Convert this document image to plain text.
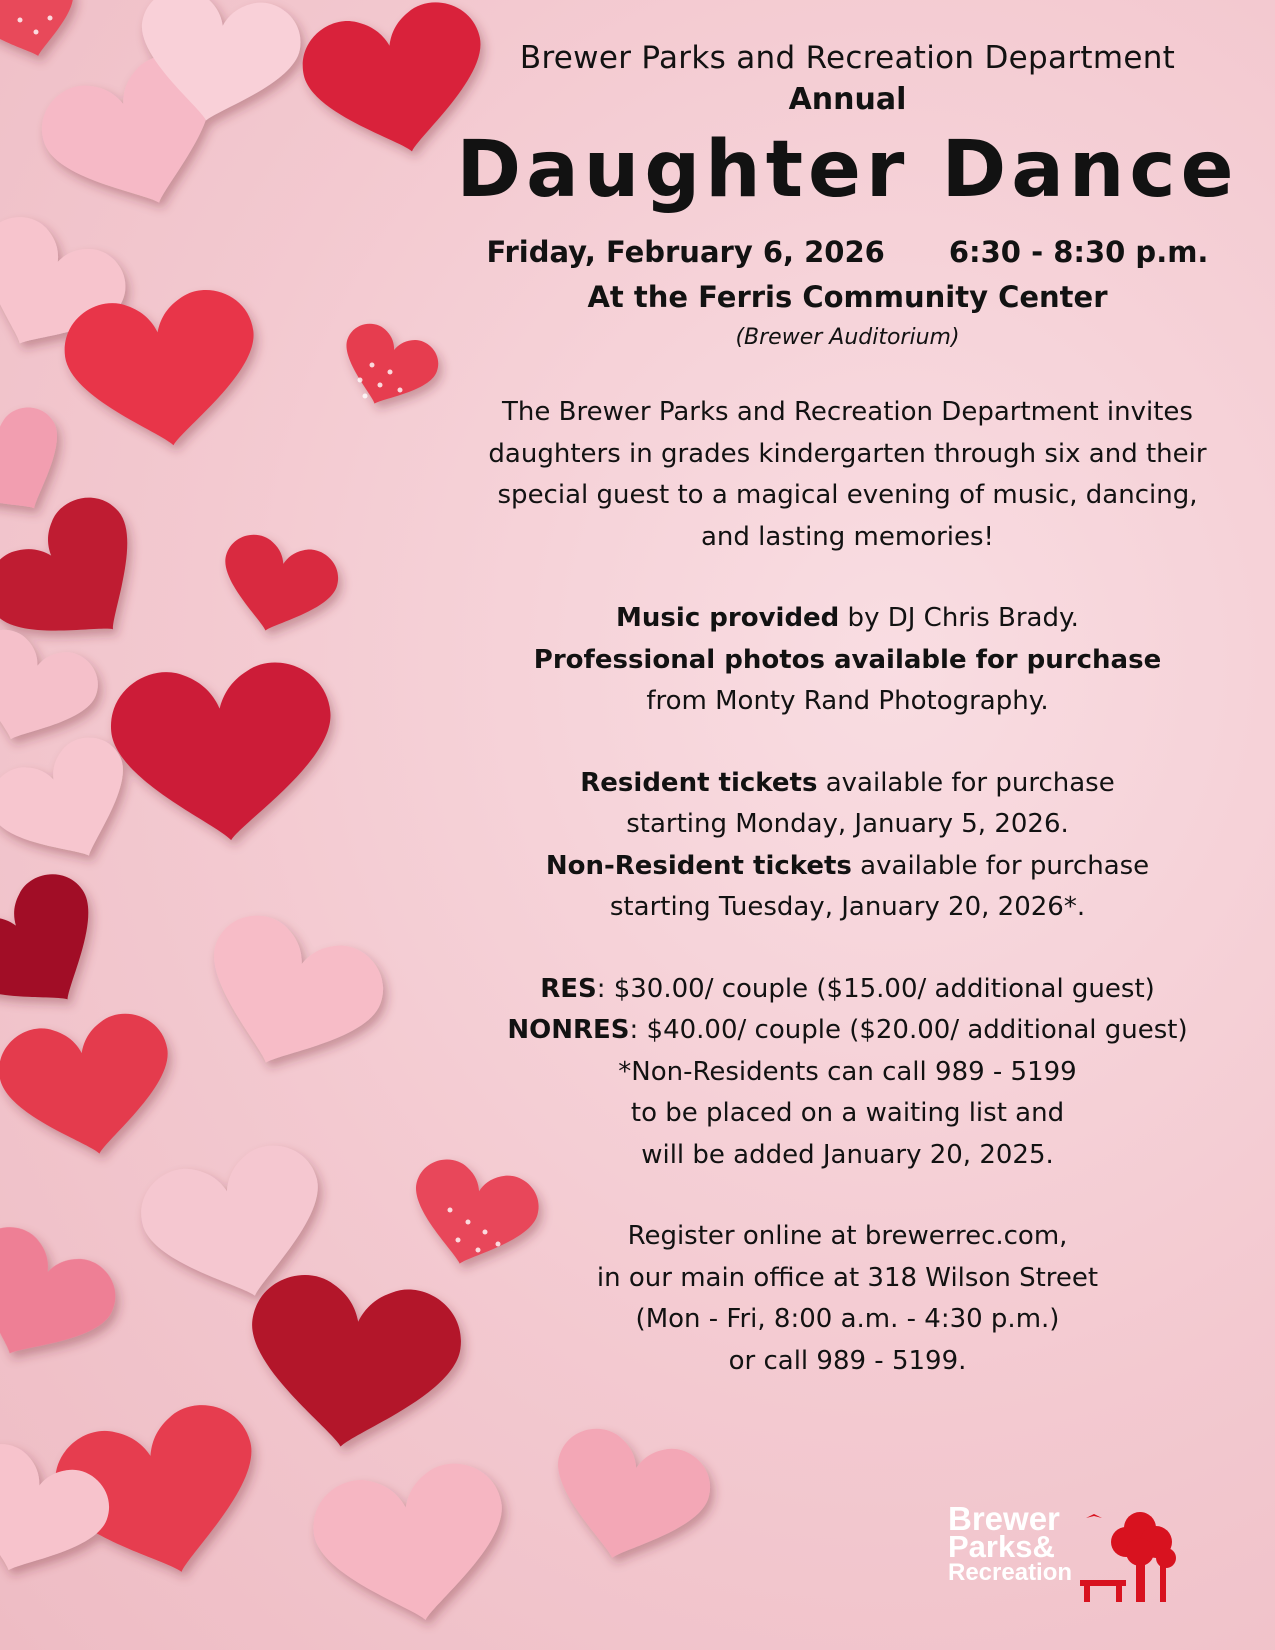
Brewer Parks and Recreation Department
Annual
Daughter Dance
Friday, February 6, 2026 6:30 - 8:30 p.m.
At the Ferris Community Center
(Brewer Auditorium)
The Brewer Parks and Recreation Department invites
daughters in grades kindergarten through six and their
special guest to a magical evening of music, dancing,
and lasting memories!
Music provided by DJ Chris Brady.
Professional photos available for purchase
from Monty Rand Photography.
Resident tickets available for purchase
starting Monday, January 5, 2026.
Non-Resident tickets available for purchase
starting Tuesday, January 20, 2026*.
RES: $30.00/ couple ($15.00/ additional guest)
NONRES: $40.00/ couple ($20.00/ additional guest)
*Non-Residents can call 989 - 5199
to be placed on a waiting list and
will be added January 20, 2025.
Register online at brewerrec.com,
in our main office at 318 Wilson Street
(Mon - Fri, 8:00 a.m. - 4:30 p.m.)
or call 989 - 5199.
Brewer
Parks&
Recreation
